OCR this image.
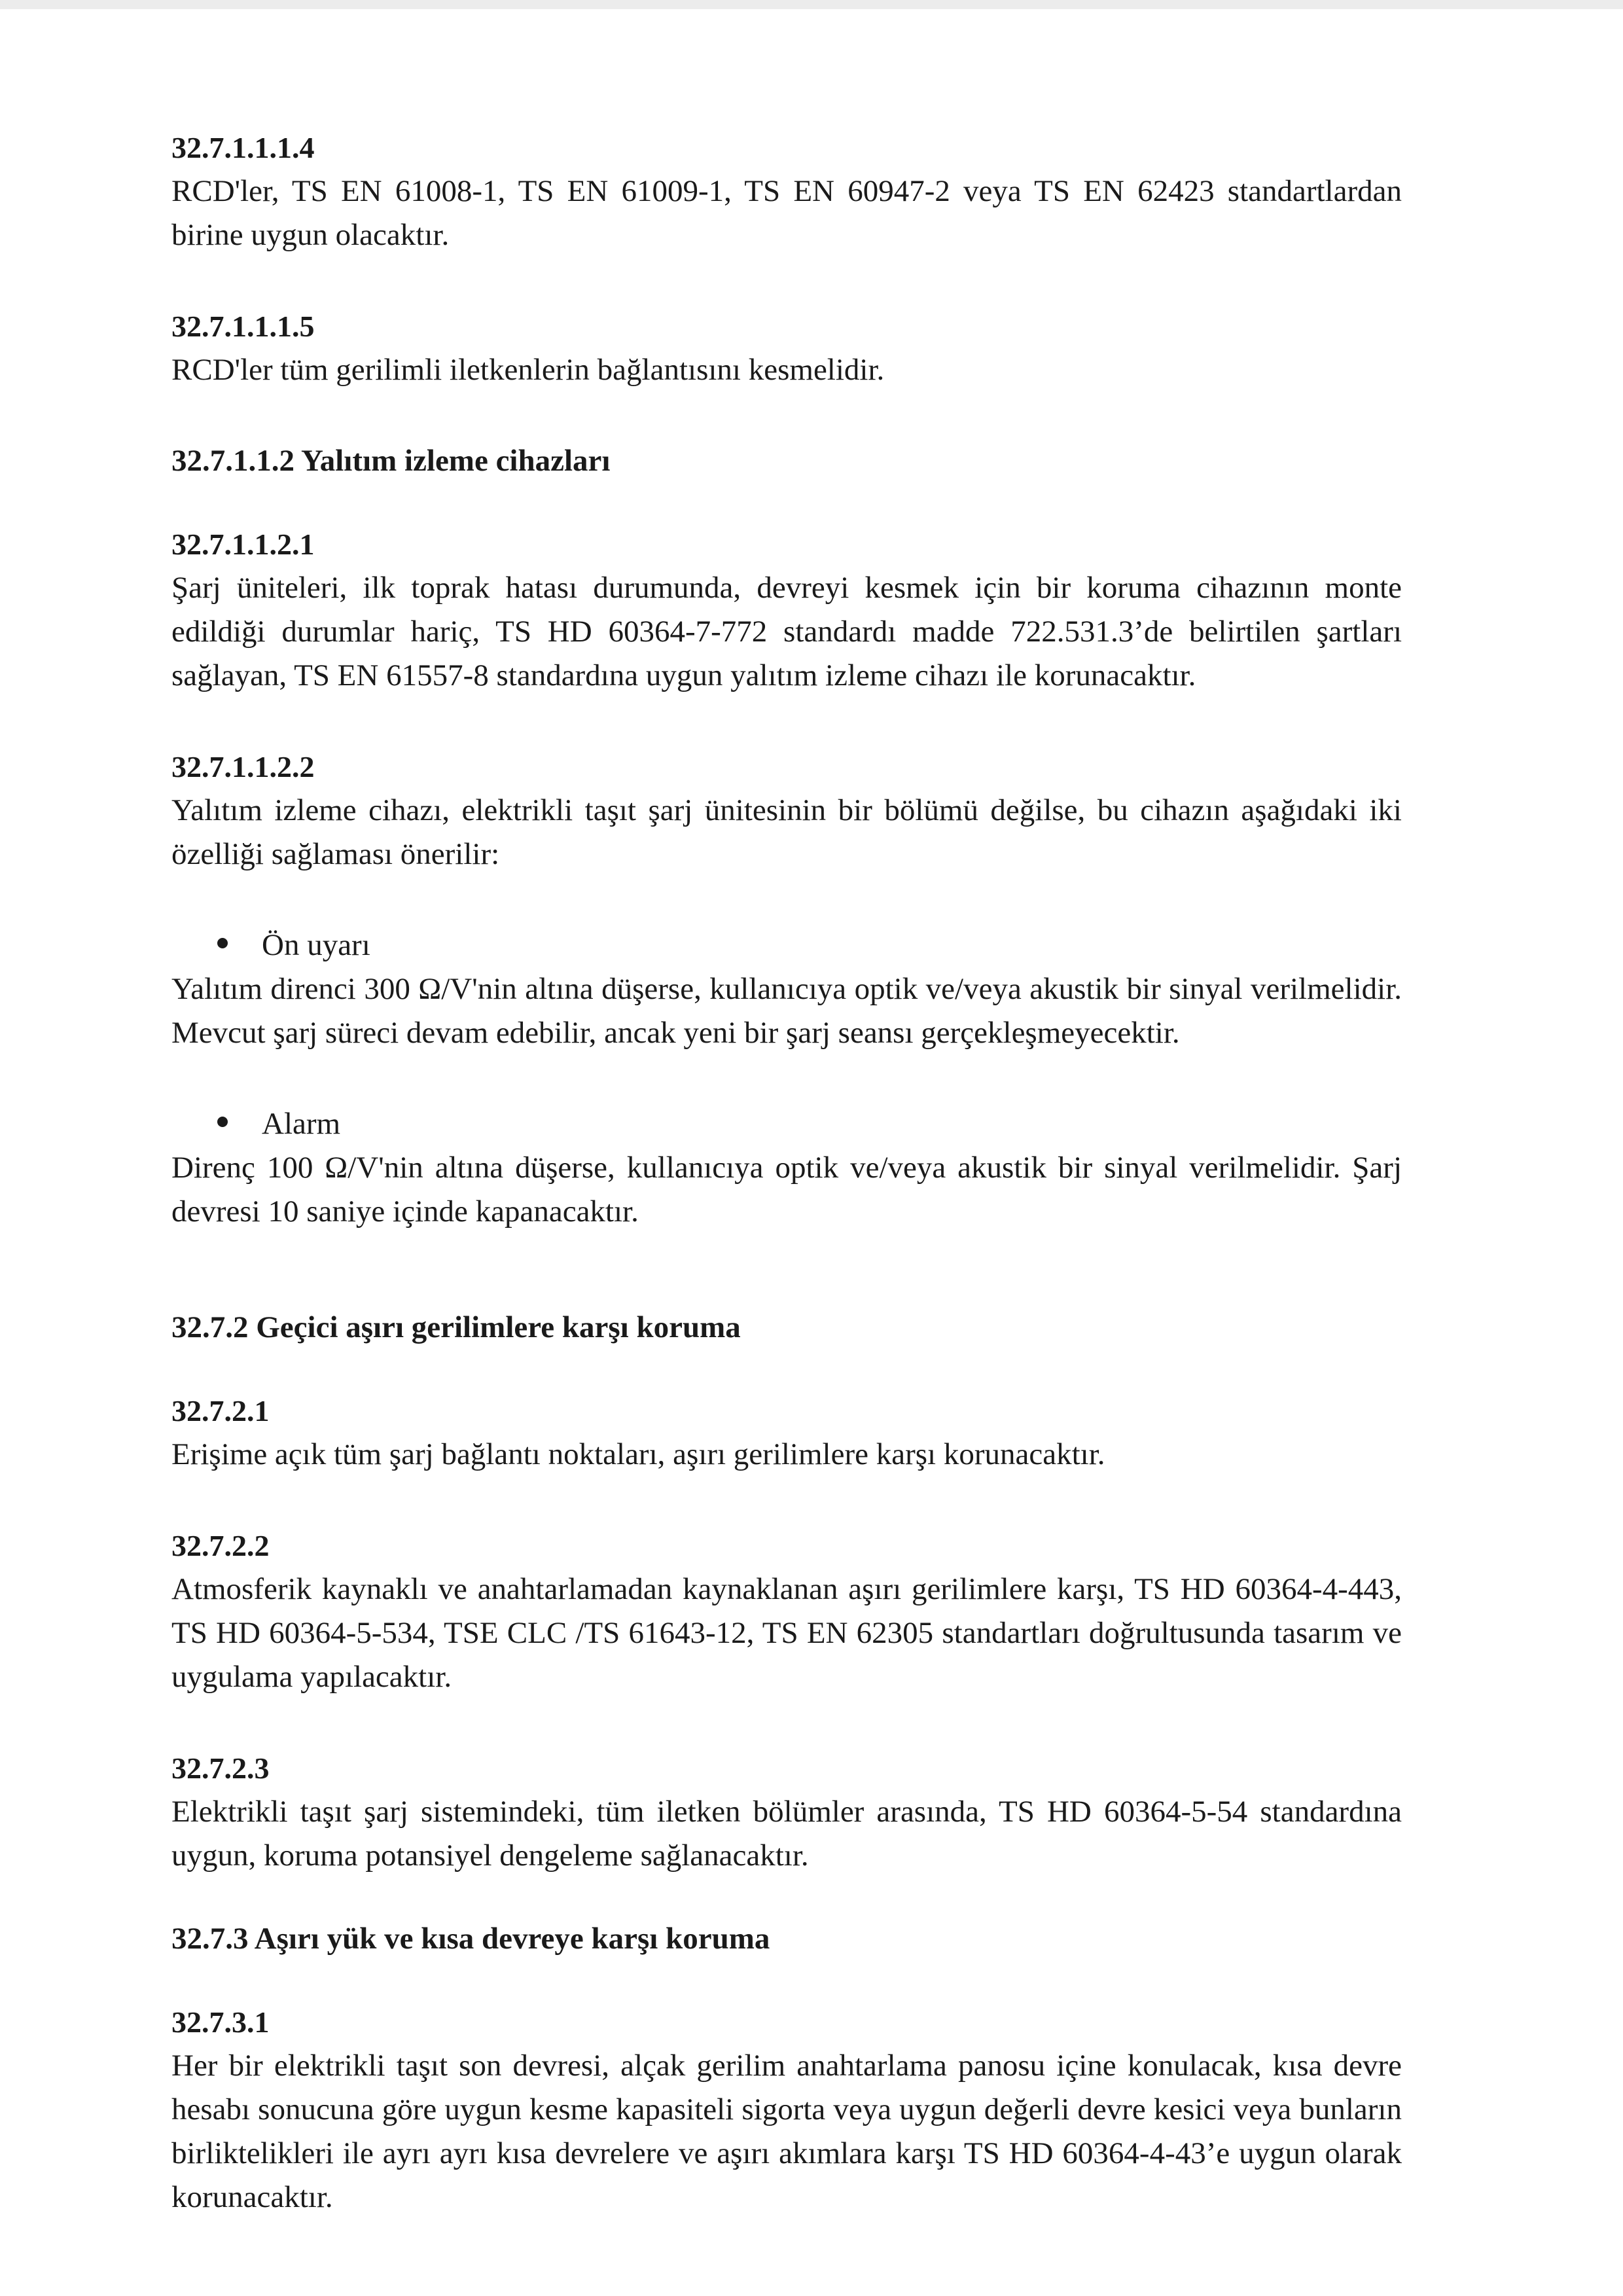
32.7.1.1.1.4

RCD'ler, TS EN 61008-1, TS EN 61009-1, TS EN 60947-2 veya TS EN 62423 standartlardan birine uygun olacaktır.

32.7.1.1.1.5

RCD'ler tüm gerilimli iletkenlerin bağlantısını kesmelidir.

32.7.1.1.2 Yalıtım izleme cihazları

32.7.1.1.2.1

Şarj üniteleri, ilk toprak hatası durumunda, devreyi kesmek için bir koruma cihazının monte edildiği durumlar hariç, TS HD 60364-7-772 standardı madde 722.531.3’de belirtilen şartları sağlayan, TS EN 61557-8 standardına uygun yalıtım izleme cihazı ile korunacaktır.

32.7.1.1.2.2

Yalıtım izleme cihazı, elektrikli taşıt şarj ünitesinin bir bölümü değilse, bu cihazın aşağıdaki iki özelliği sağlaması önerilir:

Ön uyarı

Yalıtım direnci 300 Ω/V'nin altına düşerse, kullanıcıya optik ve/veya akustik bir sinyal verilmelidir. Mevcut şarj süreci devam edebilir, ancak yeni bir şarj seansı gerçekleşmeyecektir.

Alarm

Direnç 100 Ω/V'nin altına düşerse, kullanıcıya optik ve/veya akustik bir sinyal verilmelidir. Şarj devresi 10 saniye içinde kapanacaktır.

32.7.2 Geçici aşırı gerilimlere karşı koruma

32.7.2.1

Erişime açık tüm şarj bağlantı noktaları, aşırı gerilimlere karşı korunacaktır.

32.7.2.2

Atmosferik kaynaklı ve anahtarlamadan kaynaklanan aşırı gerilimlere karşı, TS HD 60364-4-443, TS HD 60364-5-534, TSE CLC /TS 61643-12, TS EN 62305 standartları doğrultusunda tasarım ve uygulama yapılacaktır.

32.7.2.3

Elektrikli taşıt şarj sistemindeki, tüm iletken bölümler arasında, TS HD 60364-5-54 standardına uygun, koruma potansiyel dengeleme sağlanacaktır.

32.7.3 Aşırı yük ve kısa devreye karşı koruma

32.7.3.1

Her bir elektrikli taşıt son devresi, alçak gerilim anahtarlama panosu içine konulacak, kısa devre hesabı sonucuna göre uygun kesme kapasiteli sigorta veya uygun değerli devre kesici veya bunların birliktelikleri ile ayrı ayrı kısa devrelere ve aşırı akımlara karşı TS HD 60364-4-43’e uygun olarak korunacaktır.
